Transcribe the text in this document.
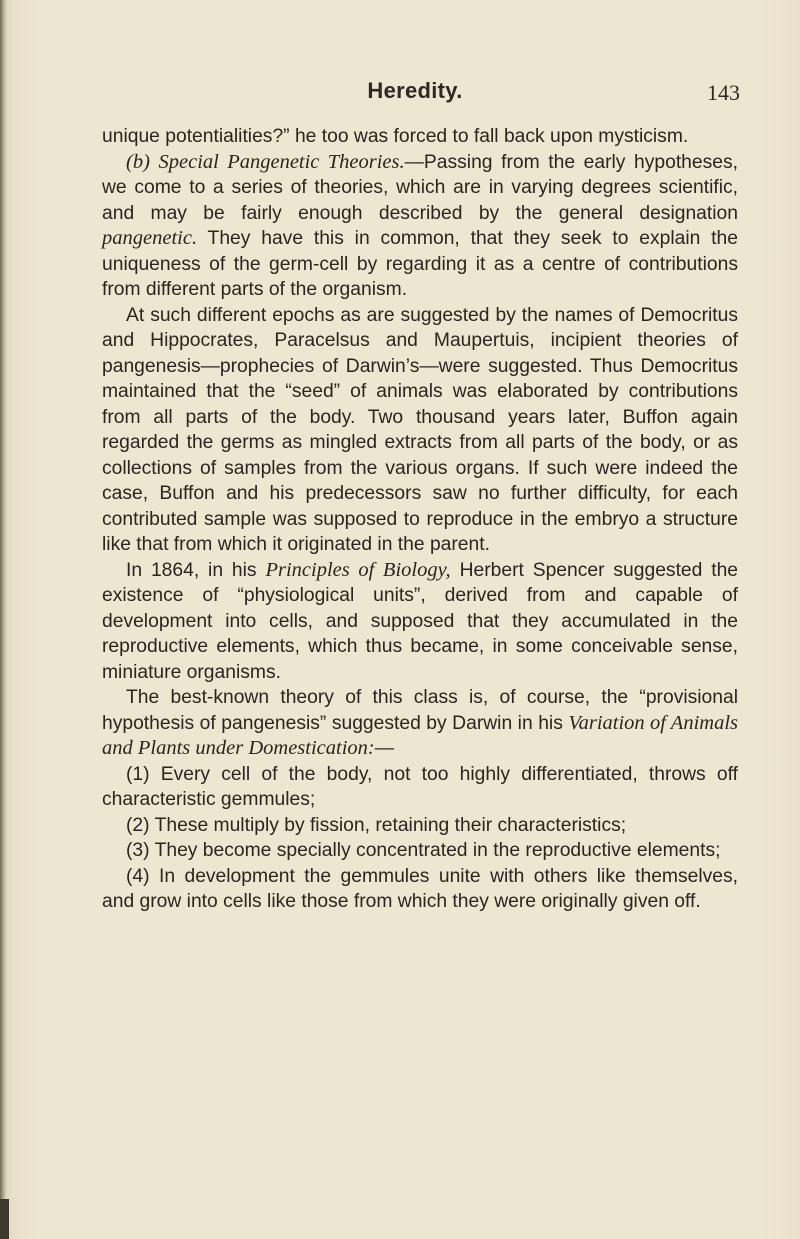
Heredity.	143

unique potentialities?” he too was forced to fall back upon mysticism.

(b) Special Pangenetic Theories.—Passing from the early hypotheses, we come to a series of theories, which are in varying degrees scientific, and may be fairly enough described by the general designation pangenetic. They have this in common, that they seek to explain the uniqueness of the germ-cell by regarding it as a centre of contributions from different parts of the organism.

At such different epochs as are suggested by the names of Democritus and Hippocrates, Paracelsus and Maupertuis, incipient theories of pangenesis—prophecies of Darwin’s—were suggested. Thus Democritus maintained that the “seed” of animals was elaborated by contributions from all parts of the body. Two thousand years later, Buffon again regarded the germs as mingled extracts from all parts of the body, or as collections of samples from the various organs. If such were indeed the case, Buffon and his predecessors saw no further difficulty, for each contributed sample was supposed to reproduce in the embryo a structure like that from which it originated in the parent.

In 1864, in his Principles of Biology, Herbert Spencer suggested the existence of “physiological units”, derived from and capable of development into cells, and supposed that they accumulated in the reproductive elements, which thus became, in some conceivable sense, miniature organisms.

The best-known theory of this class is, of course, the “provisional hypothesis of pangenesis” suggested by Darwin in his Variation of Animals and Plants under Domestication:—

(1) Every cell of the body, not too highly differentiated, throws off characteristic gemmules;

(2) These multiply by fission, retaining their characteristics;

(3) They become specially concentrated in the reproductive elements;

(4) In development the gemmules unite with others like themselves, and grow into cells like those from which they were originally given off.
